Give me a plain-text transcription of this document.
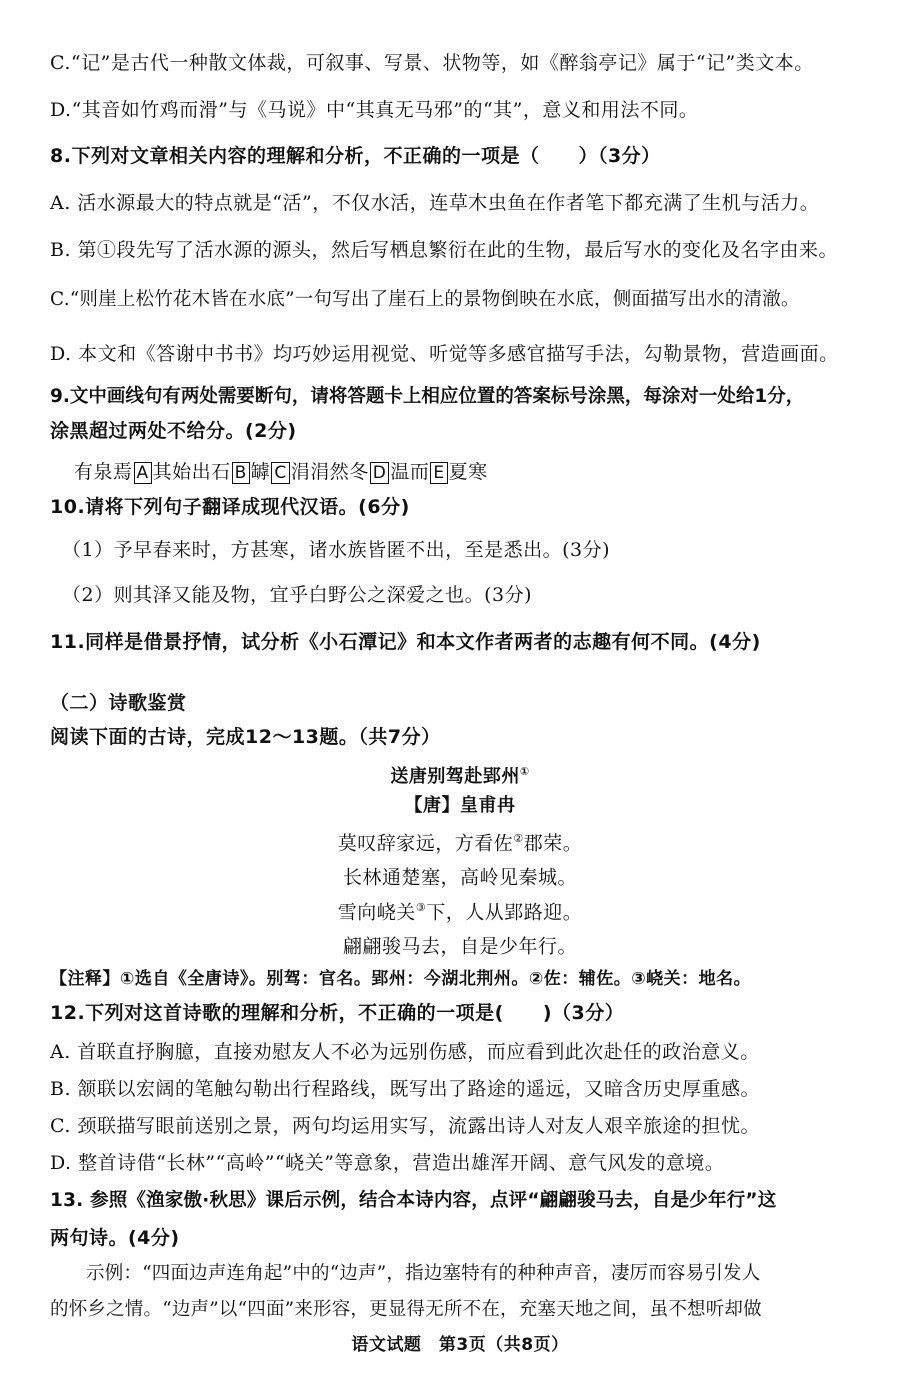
C.“记”是古代一种散文体裁，可叙事、写景、状物等，如《醉翁亭记》属于“记”类文本。
D.“其音如竹鸡而滑”与《马说》中“其真无马邪”的“其”，意义和用法不同。
8.下列对文章相关内容的理解和分析，不正确的一项是（　　）（3分）
A. 活水源最大的特点就是“活”，不仅水活，连草木虫鱼在作者笔下都充满了生机与活力。
B. 第①段先写了活水源的源头，然后写栖息繁衍在此的生物，最后写水的变化及名字由来。
C.“则崖上松竹花木皆在水底”一句写出了崖石上的景物倒映在水底，侧面描写出水的清澈。
D. 本文和《答谢中书书》均巧妙运用视觉、听觉等多感官描写手法，勾勒景物，营造画面。
9.文中画线句有两处需要断句，请将答题卡上相应位置的答案标号涂黑，每涂对一处给1分，
涂黑超过两处不给分。(2分)
有泉焉 A 其始出石 B 罅 C 涓涓然冬 D 温而 E 夏寒
10.请将下列句子翻译成现代汉语。(6分)
（1）予早春来时，方甚寒，诸水族皆匿不出，至是悉出。(3分)
（2）则其泽又能及物，宜乎白野公之深爱之也。(3分)
11.同样是借景抒情，试分析《小石潭记》和本文作者两者的志趣有何不同。(4分)
（二）诗歌鉴赏
阅读下面的古诗，完成12～13题。（共7分）
送唐别驾赴郢州①
【唐】皇甫冉
莫叹辞家远，方看佐②郡荣。
长林通楚塞，高岭见秦城。
雪向峣关③下，人从郢路迎。
翩翩骏马去，自是少年行。
【注释】①选自《全唐诗》。别驾：官名。郢州：今湖北荆州。②佐：辅佐。③峣关：地名。
12.下列对这首诗歌的理解和分析，不正确的一项是(　　)（3分）
A. 首联直抒胸臆，直接劝慰友人不必为远别伤感，而应看到此次赴任的政治意义。
B. 颔联以宏阔的笔触勾勒出行程路线，既写出了路途的遥远，又暗含历史厚重感。
C. 颈联描写眼前送别之景，两句均运用实写，流露出诗人对友人艰辛旅途的担忧。
D. 整首诗借“长林”“高岭”“峣关”等意象，营造出雄浑开阔、意气风发的意境。
13. 参照《渔家傲·秋思》课后示例，结合本诗内容，点评“翩翩骏马去，自是少年行”这
两句诗。(4分)
示例：“四面边声连角起”中的“边声”，指边塞特有的种种声音，凄厉而容易引发人
的怀乡之情。“边声”以“四面”来形容，更显得无所不在，充塞天地之间，虽不想听却做
语文试题　第3页（共8页）
